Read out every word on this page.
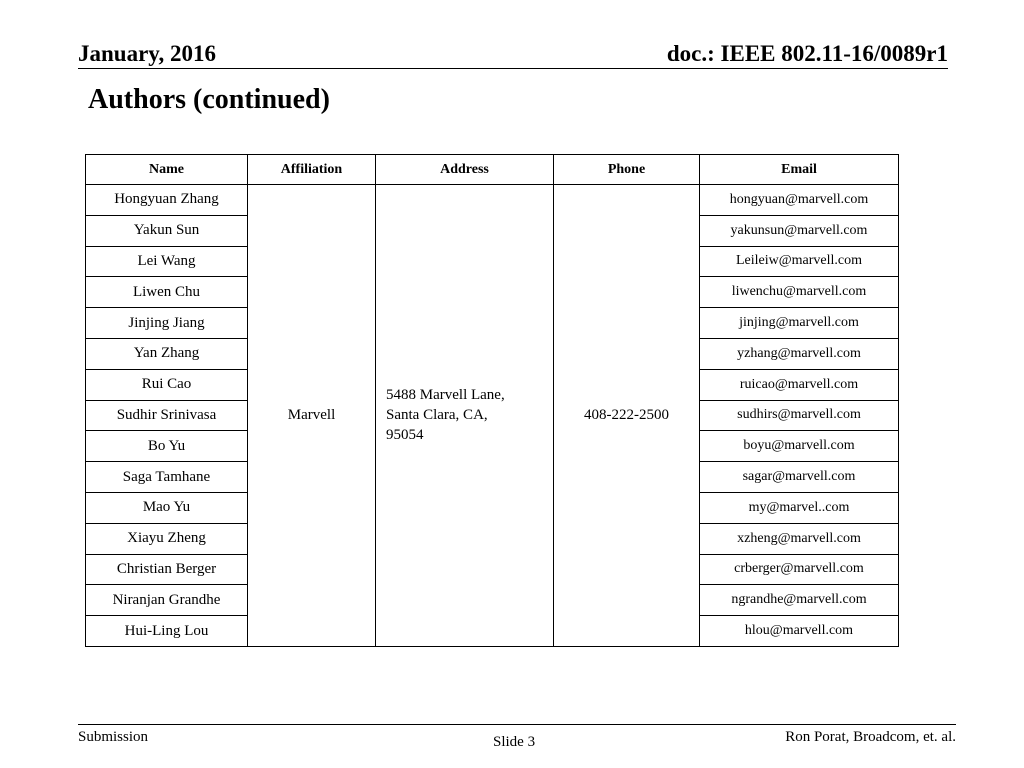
January, 2016	doc.: IEEE 802.11-16/0089r1
Authors (continued)
Name	Affiliation	Address	Phone	Email
Hongyuan Zhang	Marvell	5488 Marvell Lane,
Santa Clara, CA,
95054	408-222-2500	hongyuan@marvell.com
Yakun Sun				yakunsun@marvell.com
Lei Wang				Leileiw@marvell.com
Liwen Chu				liwenchu@marvell.com
Jinjing Jiang				jinjing@marvell.com
Yan Zhang				yzhang@marvell.com
Rui Cao				ruicao@marvell.com
Sudhir Srinivasa				sudhirs@marvell.com
Bo Yu				boyu@marvell.com
Saga Tamhane				sagar@marvell.com
Mao Yu				my@marvel..com
Xiayu Zheng				xzheng@marvell.com
Christian Berger				crberger@marvell.com
Niranjan Grandhe				ngrandhe@marvell.com
Hui-Ling Lou				hlou@marvell.com
Submission	Slide 3	Ron Porat, Broadcom, et. al.
